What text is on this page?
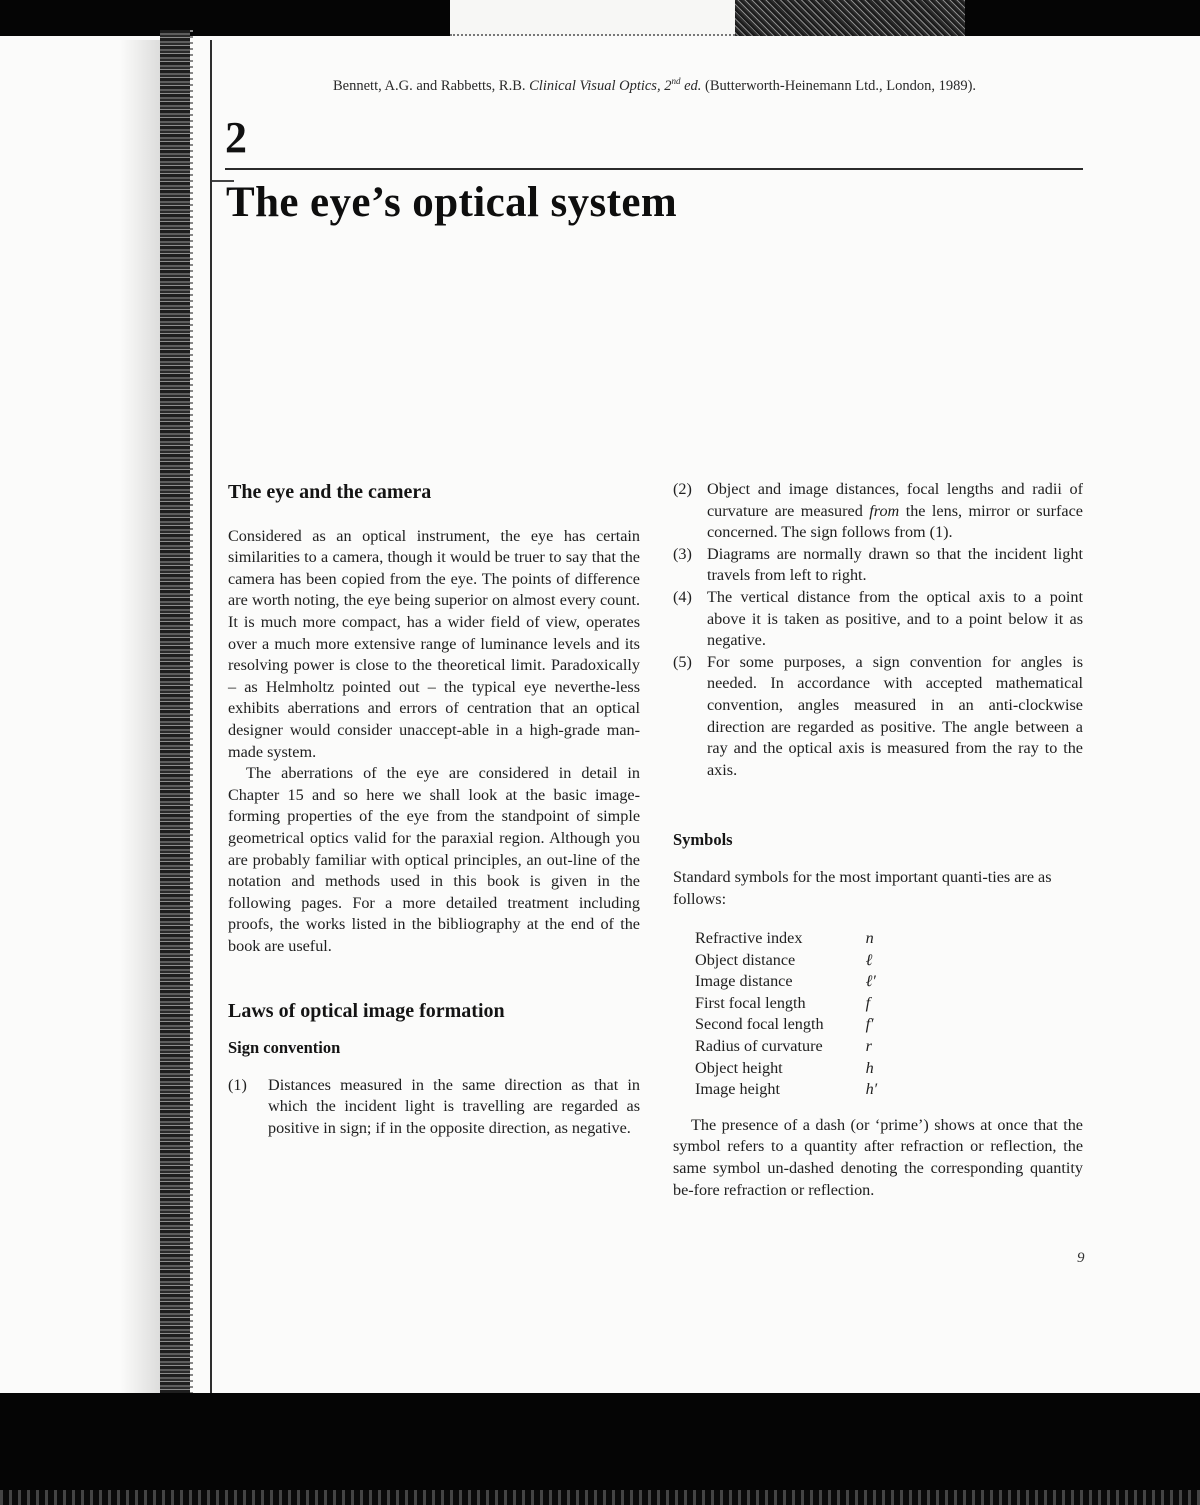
Bennett, A.G. and Rabbetts, R.B. Clinical Visual Optics, 2nd ed. (Butterworth-Heinemann Ltd., London, 1989).
2
The eye’s optical system
The eye and the camera

Considered as an optical instrument, the eye has certain similarities to a camera, though it would be truer to say that the camera has been copied from the eye. The points of difference are worth noting, the eye being superior on almost every count. It is much more compact, has a wider field of view, operates over a much more extensive range of luminance levels and its resolving power is close to the theoretical limit. Paradoxically – as Helmholtz pointed out – the typical eye neverthe-less exhibits aberrations and errors of centration that an optical designer would consider unaccept-able in a high-grade man-made system.

The aberrations of the eye are considered in detail in Chapter 15 and so here we shall look at the basic image-forming properties of the eye from the standpoint of simple geometrical optics valid for the paraxial region. Although you are probably familiar with optical principles, an out-line of the notation and methods used in this book is given in the following pages. For a more detailed treatment including proofs, the works listed in the bibliography at the end of the book are useful.

Laws of optical image formation
Sign convention
(1) Distances measured in the same direction as that in which the incident light is travelling are regarded as positive in sign; if in the opposite direction, as negative.
(2) Object and image distances, focal lengths and radii of curvature are measured from the lens, mirror or surface concerned. The sign follows from (1).
(3) Diagrams are normally drawn so that the incident light travels from left to right.
(4) The vertical distance from the optical axis to a point above it is taken as positive, and to a point below it as negative.
(5) For some purposes, a sign convention for angles is needed. In accordance with accepted mathematical convention, angles measured in an anti-clockwise direction are regarded as positive. The angle between a ray and the optical axis is measured from the ray to the axis.
Symbols

Standard symbols for the most important quanti-ties are as follows:

Refractive index	n
Object distance	ℓ
Image distance	ℓ′
First focal length	f
Second focal length	f′
Radius of curvature	r
Object height	h
Image height	h′

The presence of a dash (or ‘prime’) shows at once that the symbol refers to a quantity after refraction or reflection, the same symbol un-dashed denoting the corresponding quantity be-fore refraction or reflection.

9
